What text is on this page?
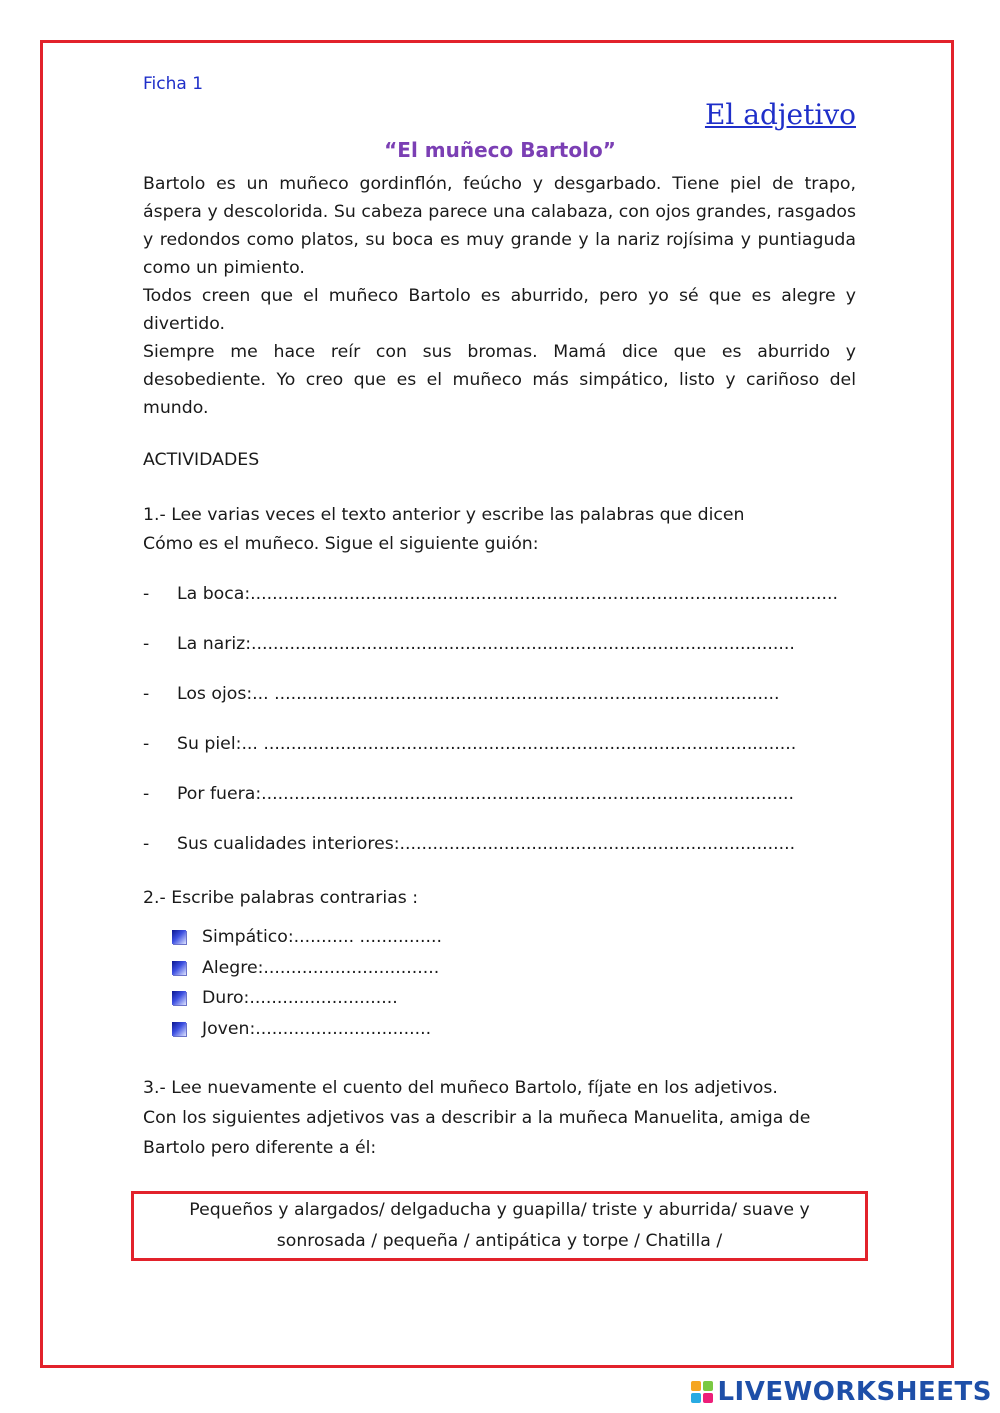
Ficha 1
El adjetivo
“El muñeco Bartolo”

Bartolo es un muñeco gordinflón, feúcho y desgarbado. Tiene piel de trapo, áspera y descolorida. Su cabeza parece una calabaza, con ojos grandes, rasgados y redondos como platos, su boca es muy grande y la nariz rojísima y puntiaguda como un pimiento.

Todos creen que el muñeco Bartolo es aburrido, pero yo sé que es alegre y divertido.

Siempre me hace reír con sus bromas. Mamá dice que es aburrido y desobediente. Yo creo que es el muñeco más simpático, listo y cariñoso del mundo.

ACTIVIDADES
1.- Lee varias veces el texto anterior y escribe las palabras que dicen
Cómo es el muñeco. Sigue el siguiente guión:
- La boca:...........................................................................................................
- La nariz:...................................................................................................
- Los ojos:... ............................................................................................
- Su piel:... .................................................................................................
- Por fuera:.................................................................................................
- Sus cualidades interiores:........................................................................
2.- Escribe palabras contrarias :
Simpático:........... ...............
Alegre:................................
Duro:...........................
Joven:................................

3.- Lee nuevamente el cuento del muñeco Bartolo, fíjate en los adjetivos.

Con los siguientes adjetivos vas a describir a la muñeca Manuelita, amiga de

Bartolo pero diferente a él:

Pequeños y alargados/ delgaducha y guapilla/ triste y aburrida/ suave y
sonrosada / pequeña / antipática y torpe / Chatilla /
LIVEWORKSHEETS
